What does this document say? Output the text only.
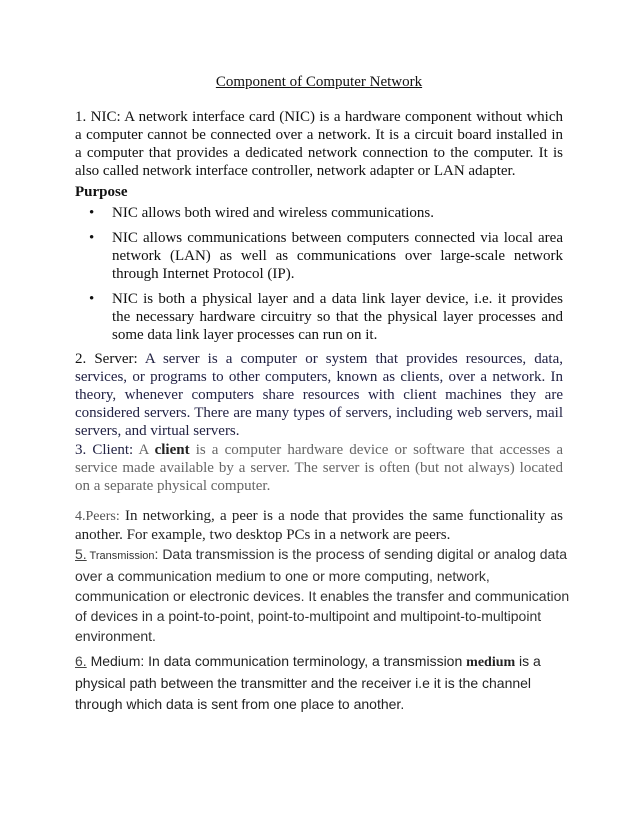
Component of Computer Network

1. NIC: A network interface card (NIC) is a hardware component without which a computer cannot be connected over a network. It is a circuit board installed in a computer that provides a dedicated network connection to the computer. It is also called network interface controller, network adapter or LAN adapter.

Purpose

• NIC allows both wired and wireless communications.
• NIC allows communications between computers connected via local area network (LAN) as well as communications over large-scale network through Internet Protocol (IP).
• NIC is both a physical layer and a data link layer device, i.e. it provides the necessary hardware circuitry so that the physical layer processes and some data link layer processes can run on it.

2. Server: A server is a computer or system that provides resources, data, services, or programs to other computers, known as clients, over a network. In theory, whenever computers share resources with client machines they are considered servers. There are many types of servers, including web servers, mail servers, and virtual servers.

3. Client: A client is a computer hardware device or software that accesses a service made available by a server. The server is often (but not always) located on a separate physical computer.

4.Peers: In networking, a peer is a node that provides the same functionality as another. For example, two desktop PCs in a network are peers.

5. Transmission: Data transmission is the process of sending digital or analog data over a communication medium to one or more computing, network, communication or electronic devices. It enables the transfer and communication of devices in a point-to-point, point-to-multipoint and multipoint-to-multipoint environment.

6. Medium: In data communication terminology, a transmission medium is a physical path between the transmitter and the receiver i.e it is the channel through which data is sent from one place to another.
